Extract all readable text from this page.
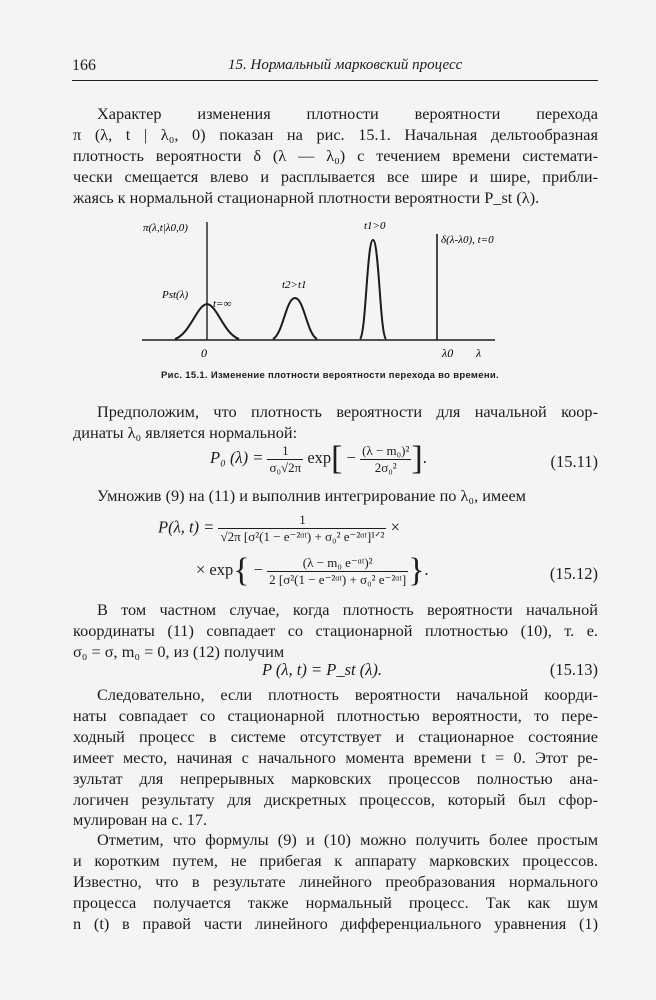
166	15. Нормальный марковский процесс

Характер изменения плотности вероятности перехода
π (λ, t | λ₀, 0) показан на рис. 15.1. Начальная дельтообразная
плотность вероятности δ (λ — λ₀) с течением времени системати-
чески смещается влево и расплывается все шире и шире, прибли-
жаясь к нормальной стационарной плотности вероятности P_st (λ).

π(λ,t|λ0,0)
Pst(λ)
t=∞
t2>t1
t1>0
δ(λ-λ0), t=0
0	λ0 λ
Рис. 15.1. Изменение плотности вероятности перехода во времени.

Предположим, что плотность вероятности для начальной коор-
динаты λ₀ является нормальной:

P₀ $(\lambda) = \frac{1}{\text{σ₀√2π}} \exp[ - \frac{\text{(λ − m₀)²}}{\text{2σ₀²}}$ ].	(15.11)

Умножив (9) на (11) и выполнив интегрирование по λ₀, имеем

P(λ, $t) = \frac{1}{\text{√2π [σ²(1 − e⁻²ᵅᵗ) + σ₀² e⁻²ᵅᵗ]¹ᐟ²}}$ ×
× $\exp\{ - \frac{\text{(λ − m₀ e⁻ᵅᵗ)²}}{\text{2 [σ²(1 − e⁻²ᵅᵗ) + σ₀² e⁻²ᵅᵗ]}}$ }.	(15.12)

В том частном случае, когда плотность вероятности начальной
координаты (11) совпадает со стационарной плотностью (10), т. е.
σ₀ = σ, m₀ = 0, из (12) получим

P (λ, t) = P_st (λ).	(15.13)

Следовательно, если плотность вероятности начальной коорди-
наты совпадает со стационарной плотностью вероятности, то пере-
ходный процесс в системе отсутствует и стационарное состояние
имеет место, начиная с начального момента времени t = 0. Этот ре-
зультат для непрерывных марковских процессов полностью ана-
логичен результату для дискретных процессов, который был сфор-
мулирован на с. 17.

Отметим, что формулы (9) и (10) можно получить более простым
и коротким путем, не прибегая к аппарату марковских процессов.
Известно, что в результате линейного преобразования нормального
процесса получается также нормальный процесс. Так как шум
n (t) в правой части линейного дифференциального уравнения (1)
